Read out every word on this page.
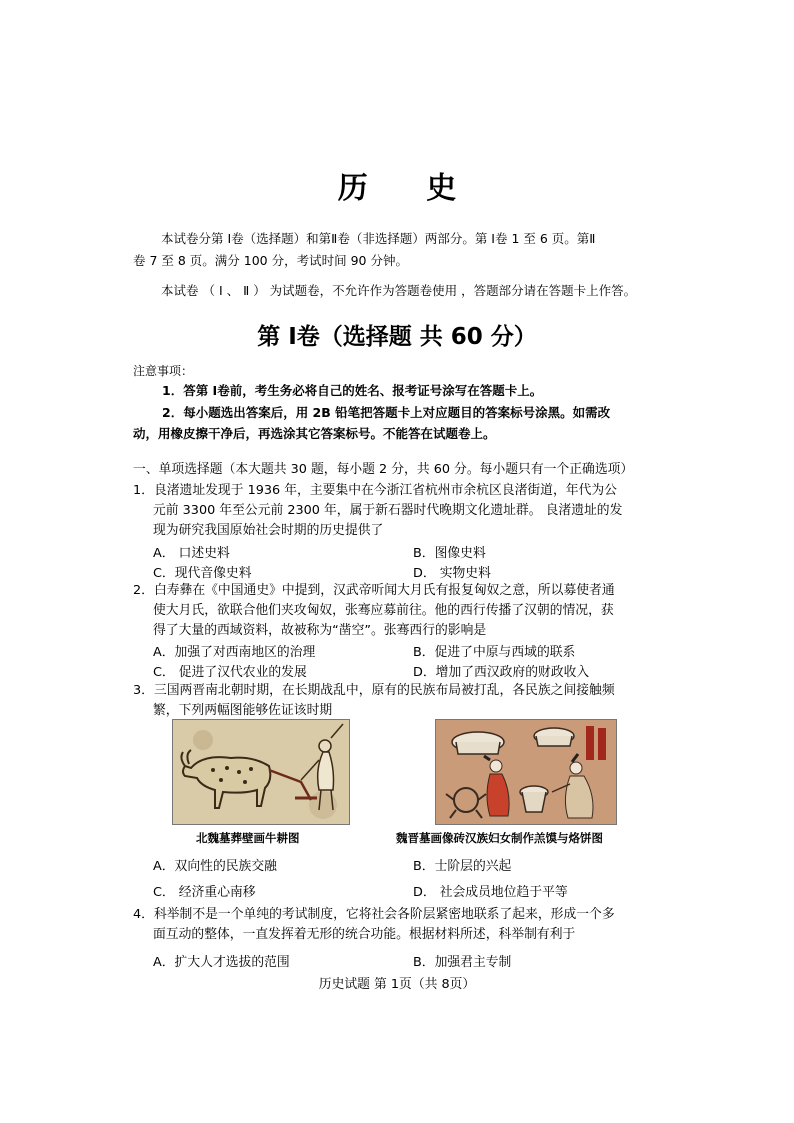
历 史
本试卷分第 Ⅰ卷（选择题）和第Ⅱ卷（非选择题）两部分。第 Ⅰ卷 1 至 6 页。第Ⅱ
卷 7 至 8 页。满分 100 分，考试时间 90 分钟。
本试卷 （ Ⅰ 、 Ⅱ ） 为试题卷，不允许作为答题卷使用 ，答题部分请在答题卡上作答。
第 Ⅰ卷（选择题 共 60 分）
注意事项：
1．答第 Ⅰ卷前，考生务必将自己的姓名、报考证号涂写在答题卡上。
2．每小题选出答案后，用 2B 铅笔把答题卡上对应题目的答案标号涂黑。如需改
动，用橡皮擦干净后，再选涂其它答案标号。不能答在试题卷上。
一、单项选择题（本大题共 30 题，每小题 2 分，共 60 分。每小题只有一个正确选项）
1．良渚遗址发现于 1936 年，主要集中在今浙江省杭州市余杭区良渚街道，年代为公
元前 3300 年至公元前 2300 年，属于新石器时代晚期文化遗址群。 良渚遗址的发
现为研究我国原始社会时期的历史提供了
A． 口述史料	B．图像史料
C．现代音像史料	D． 实物史料
2．白寿彝在《中国通史》中提到，汉武帝听闻大月氏有报复匈奴之意，所以募使者通
使大月氏，欲联合他们夹攻匈奴，张骞应募前往。他的西行传播了汉朝的情况，获
得了大量的西域资料，故被称为“凿空”。张骞西行的影响是
A．加强了对西南地区的治理	B．促进了中原与西域的联系
C． 促进了汉代农业的发展	D．增加了西汉政府的财政收入
3．三国两晋南北朝时期，在长期战乱中，原有的民族布局被打乱，各民族之间接触频
繁，下列两幅图能够佐证该时期
北魏墓葬壁画牛耕图	魏晋墓画像砖汉族妇女制作羔馍与烙饼图
A．双向性的民族交融	B．士阶层的兴起
C． 经济重心南移	D． 社会成员地位趋于平等
4．科举制不是一个单纯的考试制度，它将社会各阶层紧密地联系了起来，形成一个多
面互动的整体，一直发挥着无形的统合功能。根据材料所述，科举制有利于
A．扩大人才选拔的范围	B．加强君主专制
历史试题 第 1页（共 8页）
